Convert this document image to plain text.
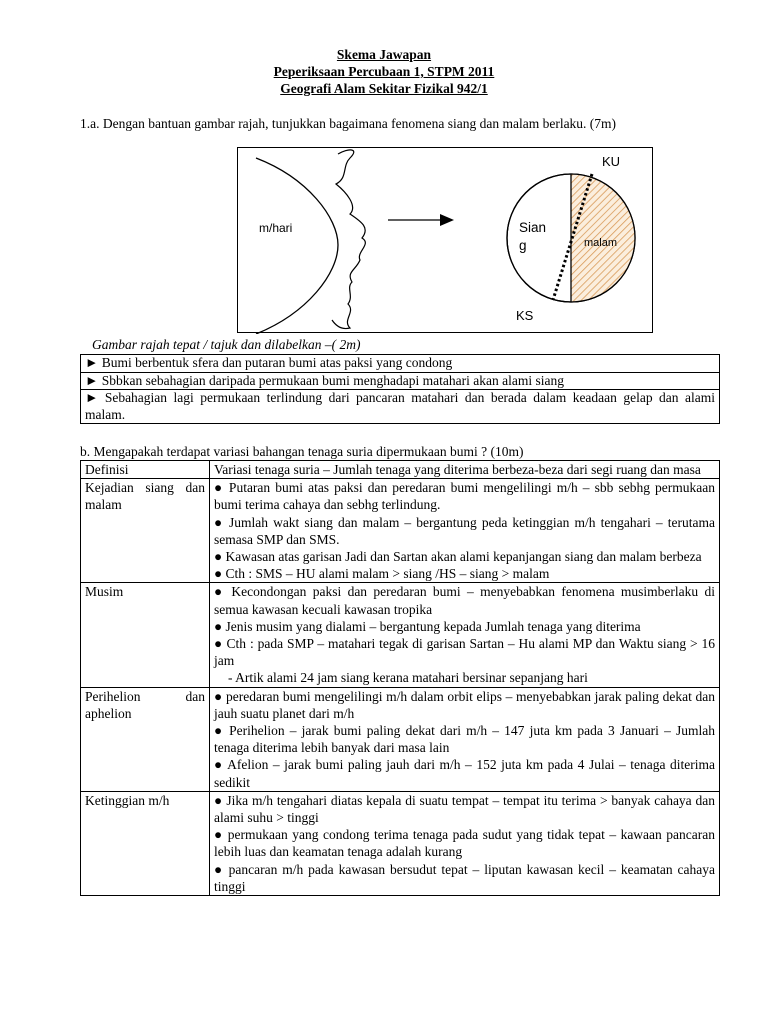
Skema Jawapan
Peperiksaan Percubaan 1, STPM 2011
Geografi Alam Sekitar Fizikal 942/1
1.a. Dengan bantuan gambar rajah, tunjukkan bagaimana fenomena siang dan malam berlaku. (7m)
KU
KS
Sian
g	malam
m/hari
Gambar rajah tepat / tajuk dan dilabelkan –( 2m)
► Bumi berbentuk sfera dan putaran bumi atas paksi yang condong
► Sbbkan sebahagian daripada permukaan bumi menghadapi matahari akan alami siang
► Sebahagian lagi permukaan terlindung dari pancaran matahari dan berada dalam keadaan gelap dan alami malam.
b. Mengapakah terdapat variasi bahangan tenaga suria dipermukaan bumi ? (10m)
Definisi	Variasi tenaga suria – Jumlah tenaga yang diterima berbeza-beza dari segi ruang dan masa

Kejadian siang dan malam	● Putaran bumi atas paksi dan peredaran bumi mengelilingi m/h – sbb sebhg permukaan bumi terima cahaya dan sebhg terlindung.
● Jumlah wakt siang dan malam – bergantung peda ketinggian m/h tengahari – terutama semasa SMP dan SMS.
● Kawasan atas garisan Jadi dan Sartan akan alami kepanjangan siang dan malam berbeza
● Cth : SMS – HU alami malam > siang /HS – siang > malam

Musim	● Kecondongan paksi dan peredaran bumi – menyebabkan fenomena musimberlaku di semua kawasan kecuali kawasan tropika
● Jenis musim yang dialami – bergantung kepada Jumlah tenaga yang diterima
● Cth : pada SMP – matahari tegak di garisan Sartan – Hu alami MP dan Waktu siang > 16 jam
- Artik alami 24 jam siang kerana matahari bersinar sepanjang hari

Perihelion dan aphelion	● peredaran bumi mengelilingi m/h dalam orbit elips – menyebabkan jarak paling dekat dan jauh suatu planet dari m/h
● Perihelion – jarak bumi paling dekat dari m/h – 147 juta km pada 3 Januari – Jumlah tenaga diterima lebih banyak dari masa lain
● Afelion – jarak bumi paling jauh dari m/h – 152 juta km pada 4 Julai – tenaga diterima sedikit

Ketinggian m/h	● Jika m/h tengahari diatas kepala di suatu tempat – tempat itu terima > banyak cahaya dan alami suhu > tinggi
● permukaan yang condong terima tenaga pada sudut yang tidak tepat – kawaan pancaran lebih luas dan keamatan tenaga adalah kurang
● pancaran m/h pada kawasan bersudut tepat – liputan kawasan kecil – keamatan cahaya tinggi
